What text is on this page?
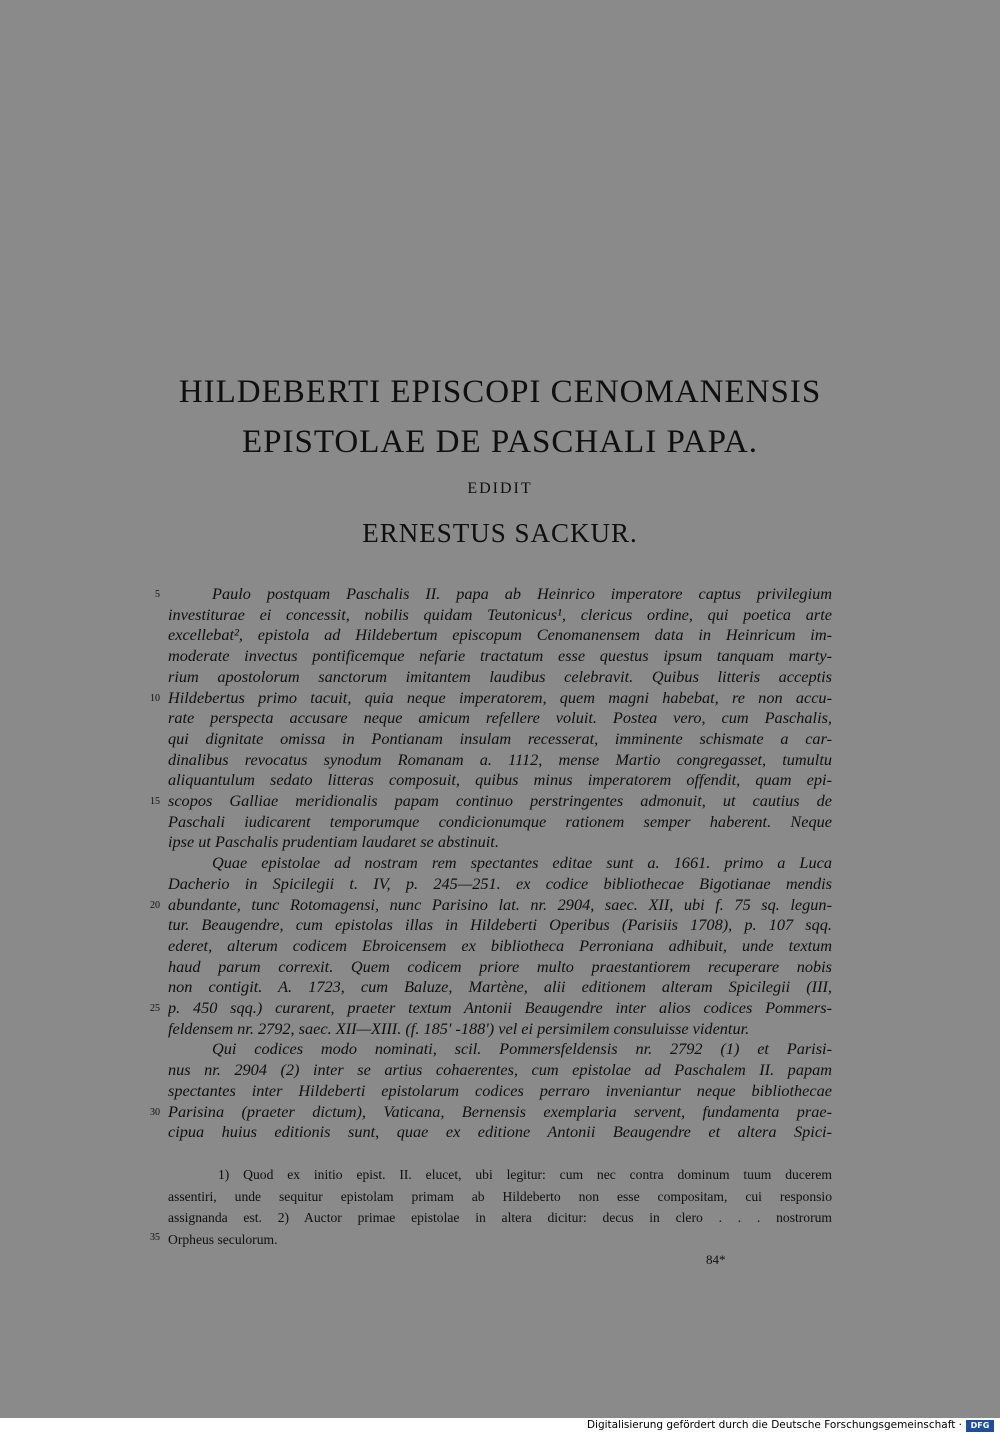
HILDEBERTI EPISCOPI CENOMANENSIS
EPISTOLAE DE PASCHALI PAPA.
EDIDIT
ERNESTUS SACKUR.
Paulo postquam Paschalis II. papa ab Heinrico imperatore captus privilegium
investiturae ei concessit, nobilis quidam Teutonicus¹, clericus ordine, qui poetica arte
excellebat², epistola ad Hildebertum episcopum Cenomanensem data in Heinricum im-
moderate invectus pontificemque nefarie tractatum esse questus ipsum tanquam marty-
rium apostolorum sanctorum imitantem laudibus celebravit. Quibus litteris acceptis
Hildebertus primo tacuit, quia neque imperatorem, quem magni habebat, re non accu-
rate perspecta accusare neque amicum refellere voluit. Postea vero, cum Paschalis,
qui dignitate omissa in Pontianam insulam recesserat, imminente schismate a car-
dinalibus revocatus synodum Romanam a. 1112, mense Martio congregasset, tumultu
aliquantulum sedato litteras composuit, quibus minus imperatorem offendit, quam epi-
scopos Galliae meridionalis papam continuo perstringentes admonuit, ut cautius de
Paschali iudicarent temporumque condicionumque rationem semper haberent. Neque
ipse ut Paschalis prudentiam laudaret se abstinuit.
Quae epistolae ad nostram rem spectantes editae sunt a. 1661. primo a Luca
Dacherio in Spicilegii t. IV, p. 245—251. ex codice bibliothecae Bigotianae mendis
abundante, tunc Rotomagensi, nunc Parisino lat. nr. 2904, saec. XII, ubi f. 75 sq. legun-
tur. Beaugendre, cum epistolas illas in Hildeberti Operibus (Parisiis 1708), p. 107 sqq.
ederet, alterum codicem Ebroicensem ex bibliotheca Perroniana adhibuit, unde textum
haud parum correxit. Quem codicem priore multo praestantiorem recuperare nobis
non contigit. A. 1723, cum Baluze, Martène, alii editionem alteram Spicilegii (III,
p. 450 sqq.) curarent, praeter textum Antonii Beaugendre inter alios codices Pommers-
feldensem nr. 2792, saec. XII—XIII. (f. 185' -188') vel ei persimilem consuluisse videntur.
Qui codices modo nominati, scil. Pommersfeldensis nr. 2792 (1) et Parisi-
nus nr. 2904 (2) inter se artius cohaerentes, cum epistolae ad Paschalem II. papam
spectantes inter Hildeberti epistolarum codices perraro inveniantur neque bibliothecae
Parisina (praeter dictum), Vaticana, Bernensis exemplaria servent, fundamenta prae-
cipua huius editionis sunt, quae ex editione Antonii Beaugendre et altera Spici-
5
10
15
20
25
30
35
1) Quod ex initio epist. II. elucet, ubi legitur: cum nec contra dominum tuum ducerem
assentiri, unde sequitur epistolam primam ab Hildeberto non esse compositam, cui responsio
assignanda est. 2) Auctor primae epistolae in altera dicitur: decus in clero . . . nostrorum
Orpheus seculorum.
84*
Digitalisierung gefördert durch die Deutsche Forschungsgemeinschaft ·	DFG
